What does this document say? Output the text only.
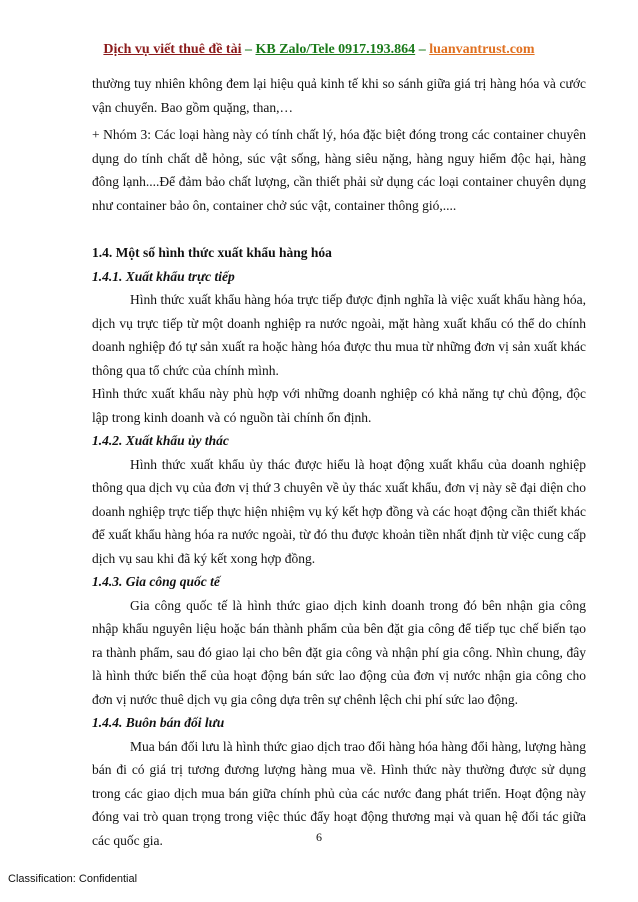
Dịch vụ viết thuê đề tài – KB Zalo/Tele 0917.193.864 – luanvantrust.com

thường tuy nhiên không đem lại hiệu quả kinh tế khi so sánh giữa giá trị hàng hóa và cước vận chuyển. Bao gồm quặng, than,…

+ Nhóm 3: Các loại hàng này có tính chất lý, hóa đặc biệt đóng trong các container chuyên dụng do tính chất dễ hỏng, súc vật sống, hàng siêu nặng, hàng nguy hiểm độc hại, hàng đông lạnh....Để đảm bảo chất lượng, cần thiết phải sử dụng các loại container chuyên dụng như container bảo ôn, container chở súc vật, container thông gió,....

1.4. Một số hình thức xuất khẩu hàng hóa

1.4.1. Xuất khẩu trực tiếp

Hình thức xuất khẩu hàng hóa trực tiếp được định nghĩa là việc xuất khẩu hàng hóa, dịch vụ trực tiếp từ một doanh nghiệp ra nước ngoài, mặt hàng xuất khẩu có thể do chính doanh nghiệp đó tự sản xuất ra hoặc hàng hóa được thu mua từ những đơn vị sản xuất khác thông qua tổ chức của chính mình.

Hình thức xuất khẩu này phù hợp với những doanh nghiệp có khả năng tự chủ động, độc lập trong kinh doanh và có nguồn tài chính ổn định.

1.4.2. Xuất khẩu ủy thác

Hình thức xuất khẩu ủy thác được hiểu là hoạt động xuất khẩu của doanh nghiệp thông qua dịch vụ của đơn vị thứ 3 chuyên về ủy thác xuất khẩu, đơn vị này sẽ đại diện cho doanh nghiệp trực tiếp thực hiện nhiệm vụ ký kết hợp đồng và các hoạt động cần thiết khác để xuất khẩu hàng hóa ra nước ngoài, từ đó thu được khoản tiền nhất định từ việc cung cấp dịch vụ sau khi đã ký kết xong hợp đồng.

1.4.3. Gia công quốc tế

Gia công quốc tế là hình thức giao dịch kinh doanh trong đó bên nhận gia công nhập khẩu nguyên liệu hoặc bán thành phẩm của bên đặt gia công để tiếp tục chế biến tạo ra thành phẩm, sau đó giao lại cho bên đặt gia công và nhận phí gia công. Nhìn chung, đây là hình thức biến thể của hoạt động bán sức lao động của đơn vị nước nhận gia công cho đơn vị nước thuê dịch vụ gia công dựa trên sự chênh lệch chi phí sức lao động.

1.4.4. Buôn bán đối lưu

Mua bán đối lưu là hình thức giao dịch trao đổi hàng hóa hàng đổi hàng, lượng hàng bán đi có giá trị tương đương lượng hàng mua về. Hình thức này thường được sử dụng trong các giao dịch mua bán giữa chính phủ của các nước đang phát triển. Hoạt động này đóng vai trò quan trọng trong việc thúc đẩy hoạt động thương mại và quan hệ đối tác giữa các quốc gia.	6
Classification: Confidential
